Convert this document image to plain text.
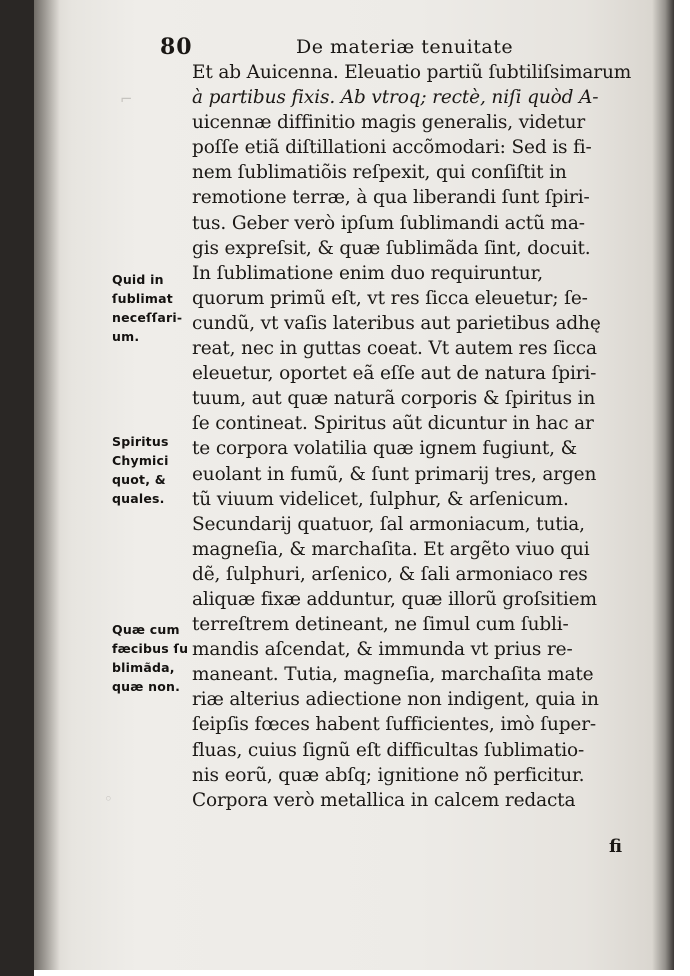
⌐
◦
80	De materiæ tenuitate
Et ab Auicenna. Eleuatio partiũ ſubtiliſsimarum
à partibus fixis. Ab vtroq; rectè, niſi quòd A-
uicennæ diffinitio magis generalis, videtur
poſſe etiã diſtillationi accõmodari: Sed is fi-
nem ſublimatiõis reſpexit, qui conſiſtit in
remotione terræ, à qua liberandi ſunt ſpiri-
tus. Geber verò ipſum ſublimandi actũ ma-
gis expreſsit, & quæ ſublimãda ſint, docuit.
In ſublimatione enim duo requiruntur,
quorum primũ eſt, vt res ſicca eleuetur; ſe-
cundũ, vt vaſis lateribus aut parietibus adhę
reat, nec in guttas coeat. Vt autem res ſicca
eleuetur, oportet eã eſſe aut de natura ſpiri-
tuum, aut quæ naturã corporis & ſpiritus in
ſe contineat. Spiritus aũt dicuntur in hac ar
te corpora volatilia quæ ignem fugiunt, &
euolant in fumũ, & ſunt primarij tres, argen
tũ viuum videlicet, ſulphur, & arſenicum.
Secundarij quatuor, ſal armoniacum, tutia,
magneſia, & marchaſita. Et argẽto viuo qui
dẽ, ſulphuri, arſenico, & ſali armoniaco res
aliquæ fixæ adduntur, quæ illorũ groſsitiem
terreſtrem detineant, ne ſimul cum ſubli-
mandis aſcendat, & immunda vt prius re-
maneant. Tutia, magneſia, marchaſita mate
riæ alterius adiectione non indigent, quia in
ſeipſis fœces habent ſufficientes, imò ſuper-
fluas, cuius ſignũ eſt difficultas ſublimatio-
nis eorũ, quæ abſq; ignitione nõ perficitur.
Corpora verò metallica in calcem redacta
Quid in
ſublimat
neceſſari-
um.
Spiritus
Chymici
quot, &
quales.
Quæ cum
fæcibus ſu
blimãda,
quæ non.
fi
